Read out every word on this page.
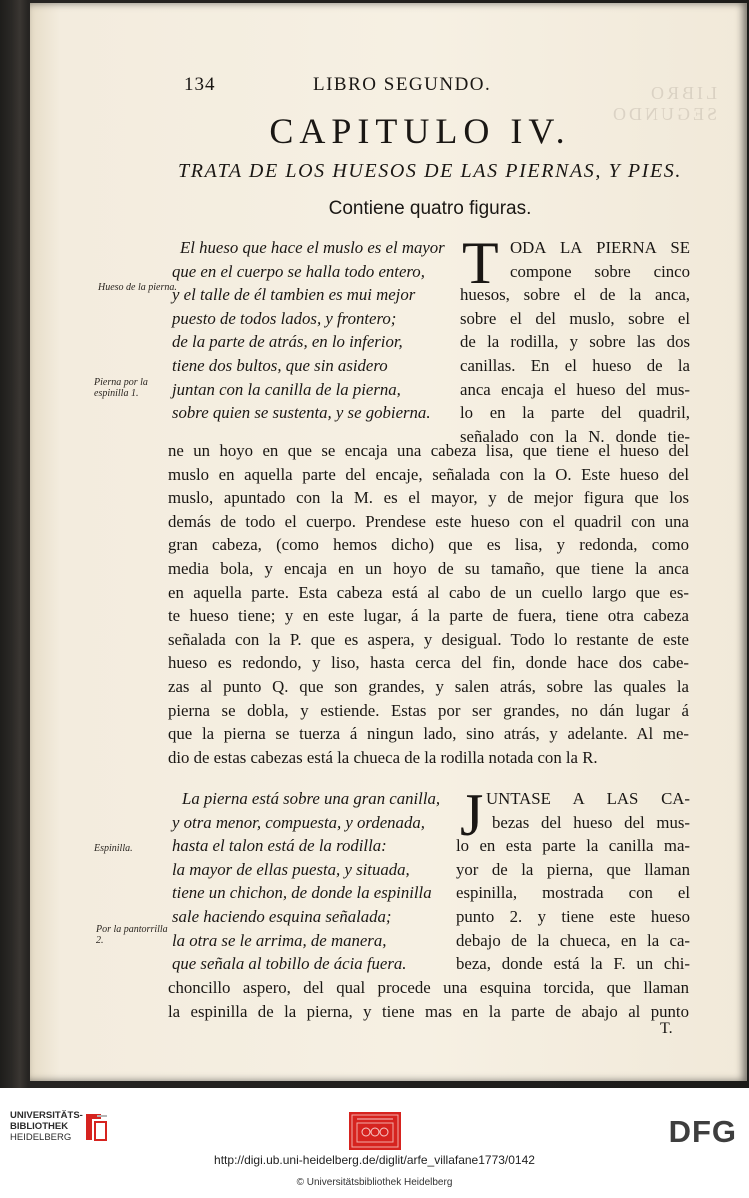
LIBRO SEGUNDO
134	LIBRO SEGUNDO.
CAPITULO IV.
TRATA DE LOS HUESOS DE LAS PIERNAS, Y PIES.
Contiene quatro figuras.
Hueso de la pierna.
Pierna por la espinilla 1.
El hueso que hace el muslo es el mayor
que en el cuerpo se halla todo entero,
y el talle de él tambien es mui mejor
puesto de todos lados, y frontero;
de la parte de atrás, en lo inferior,
tiene dos bultos, que sin asidero
juntan con la canilla de la pierna,
sobre quien se sustenta, y se gobierna.
T ODA LA PIERNA SE
compone sobre cinco
huesos, sobre el de la anca,
sobre el del muslo, sobre el
de la rodilla, y sobre las dos
canillas. En el hueso de la
anca encaja el hueso del mus-
lo en la parte del quadril,
señalado con la N. donde tie-
ne un hoyo en que se encaja una cabeza lisa, que tiene el hueso del
muslo en aquella parte del encaje, señalada con la O. Este hueso del
muslo, apuntado con la M. es el mayor, y de mejor figura que los
demás de todo el cuerpo. Prendese este hueso con el quadril con una
gran cabeza, (como hemos dicho) que es lisa, y redonda, como
media bola, y encaja en un hoyo de su tamaño, que tiene la anca
en aquella parte. Esta cabeza está al cabo de un cuello largo que es-
te hueso tiene; y en este lugar, á la parte de fuera, tiene otra cabeza
señalada con la P. que es aspera, y desigual. Todo lo restante de este
hueso es redondo, y liso, hasta cerca del fin, donde hace dos cabe-
zas al punto Q. que son grandes, y salen atrás, sobre las quales la
pierna se dobla, y estiende. Estas por ser grandes, no dán lugar á
que la pierna se tuerza á ningun lado, sino atrás, y adelante. Al me-
dio de estas cabezas está la chueca de la rodilla notada con la R.
Espinilla.
Por la pantorrilla 2.
La pierna está sobre una gran canilla,
y otra menor, compuesta, y ordenada,
hasta el talon está de la rodilla:
la mayor de ellas puesta, y situada,
tiene un chichon, de donde la espinilla
sale haciendo esquina señalada;
la otra se le arrima, de manera,
que señala al tobillo de ácia fuera.
J UNTASE A LAS CA-
bezas del hueso del mus-
lo en esta parte la canilla ma-
yor de la pierna, que llaman
espinilla, mostrada con el
punto 2. y tiene este hueso
debajo de la chueca, en la ca-
beza, donde está la F. un chi-
choncillo aspero, del qual procede una esquina torcida, que llaman
la espinilla de la pierna, y tiene mas en la parte de abajo al punto
T.
UNIVERSITÄTS-
BIBLIOTHEK
HEIDELBERG	DFG
http://digi.ub.uni-heidelberg.de/diglit/arfe_villafane1773/0142
© Universitätsbibliothek Heidelberg
